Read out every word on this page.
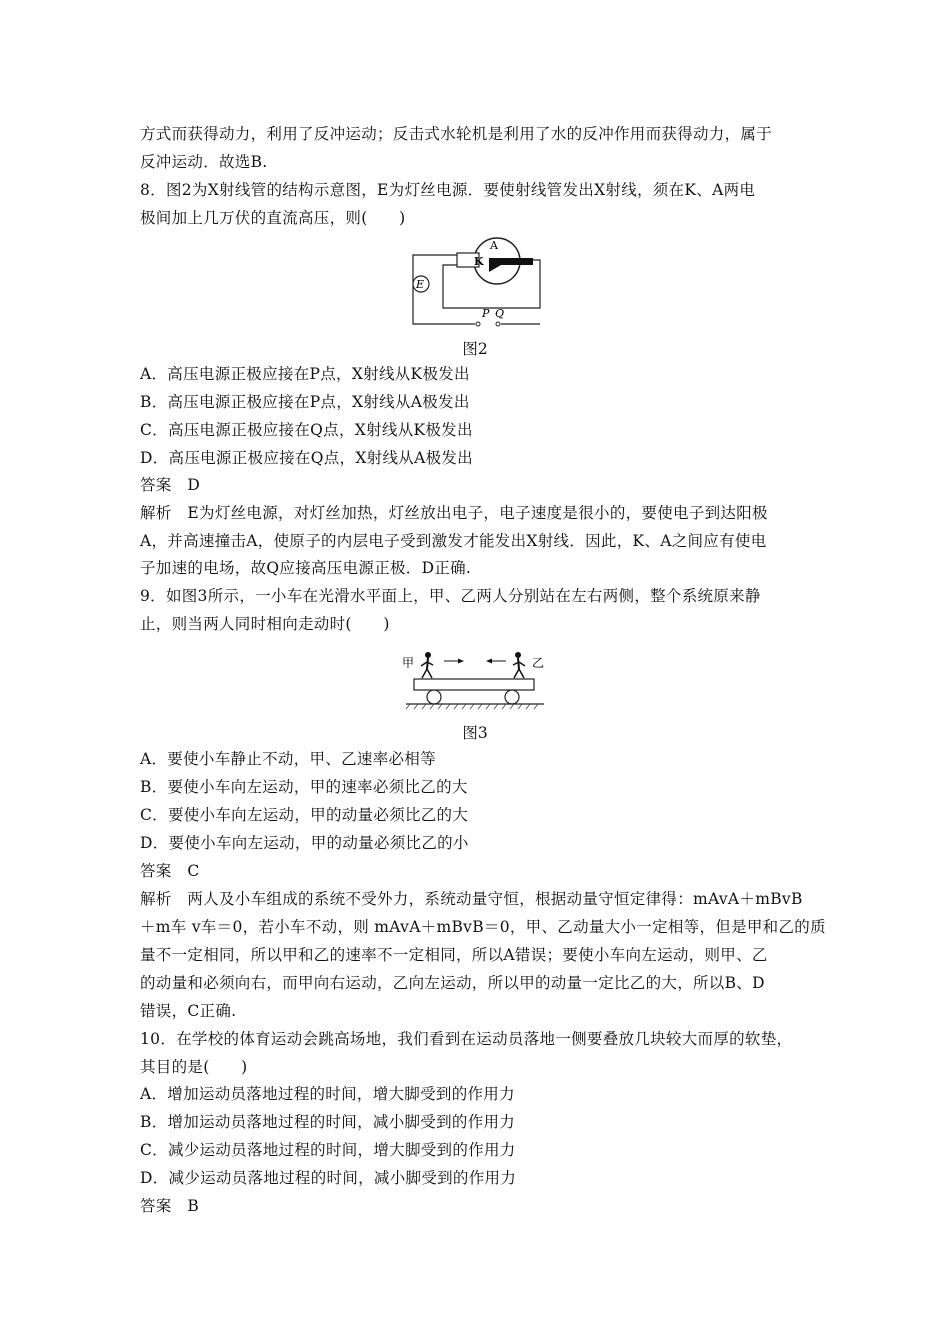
方式而获得动力，利用了反冲运动；反击式水轮机是利用了水的反冲作用而获得动力，属于
反冲运动．故选B.
8．图2为X射线管的结构示意图，E为灯丝电源．要使射线管发出X射线，须在K、A两电
极间加上几万伏的直流高压，则(　　)
E
K
A
P Q
图2
A．高压电源正极应接在P点，X射线从K极发出
B．高压电源正极应接在P点，X射线从A极发出
C．高压电源正极应接在Q点，X射线从K极发出
D．高压电源正极应接在Q点，X射线从A极发出
答案　D
解析　E为灯丝电源，对灯丝加热，灯丝放出电子，电子速度是很小的，要使电子到达阳极
A，并高速撞击A，使原子的内层电子受到激发才能发出X射线．因此，K、A之间应有使电
子加速的电场，故Q应接高压电源正极．D正确.
9．如图3所示，一小车在光滑水平面上，甲、乙两人分别站在左右两侧，整个系统原来静
止，则当两人同时相向走动时(　　)
甲	乙
图3
A．要使小车静止不动，甲、乙速率必相等
B．要使小车向左运动，甲的速率必须比乙的大
C．要使小车向左运动，甲的动量必须比乙的大
D．要使小车向左运动，甲的动量必须比乙的小
答案　C
解析　两人及小车组成的系统不受外力，系统动量守恒，根据动量守恒定律得：mAvA＋mBvB
＋m车 v车＝0，若小车不动，则 mAvA＋mBvB＝0，甲、乙动量大小一定相等，但是甲和乙的质
量不一定相同，所以甲和乙的速率不一定相同，所以A错误；要使小车向左运动，则甲、乙
的动量和必须向右，而甲向右运动，乙向左运动，所以甲的动量一定比乙的大，所以B、D
错误，C正确.
10．在学校的体育运动会跳高场地，我们看到在运动员落地一侧要叠放几块较大而厚的软垫，
其目的是(　　)
A．增加运动员落地过程的时间，增大脚受到的作用力
B．增加运动员落地过程的时间，减小脚受到的作用力
C．减少运动员落地过程的时间，增大脚受到的作用力
D．减少运动员落地过程的时间，减小脚受到的作用力
答案　B
